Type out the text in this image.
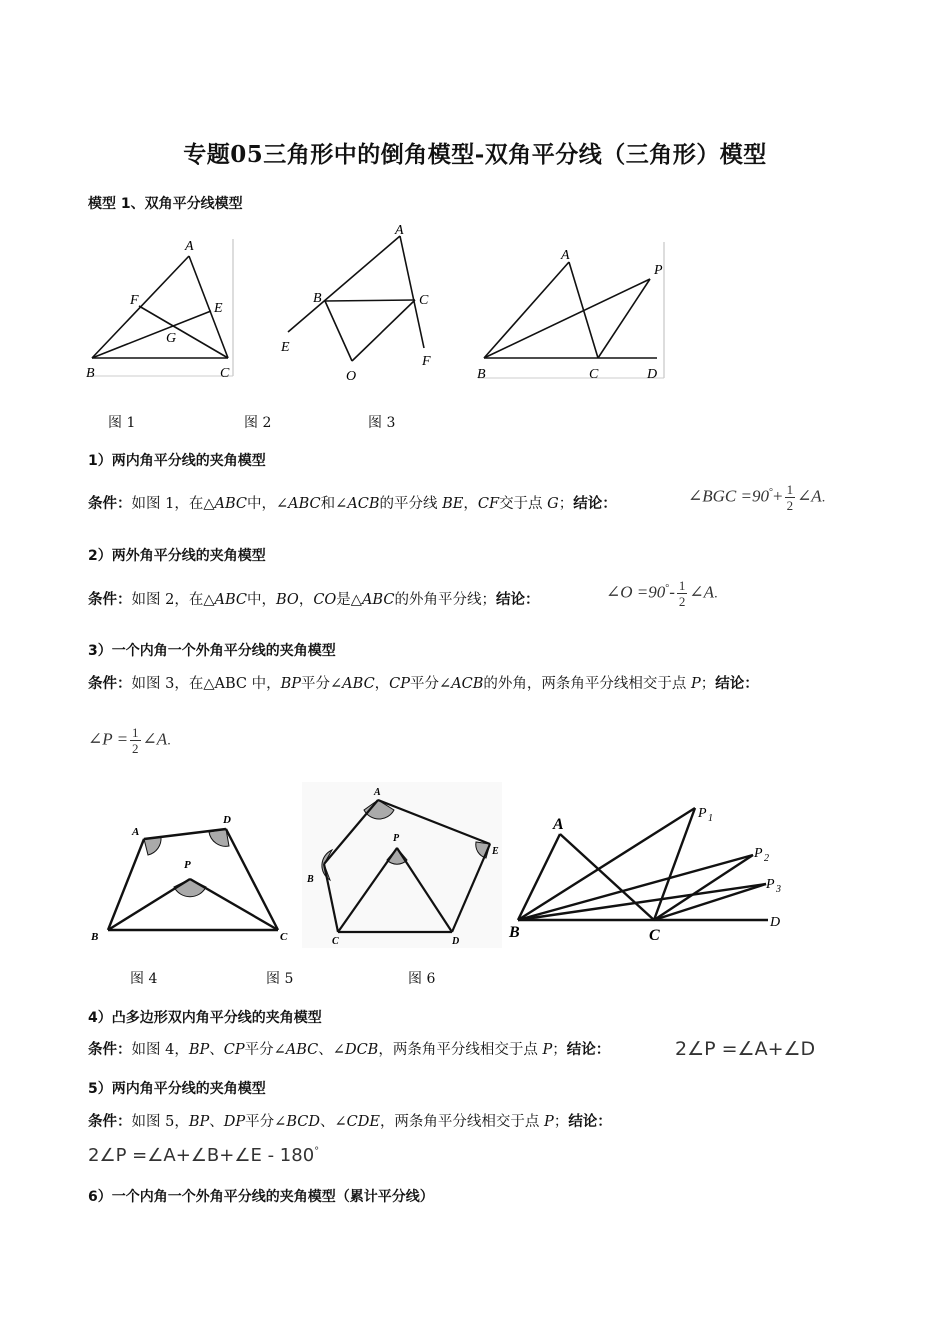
专题05三角形中的倒角模型-双角平分线（三角形）模型
模型 1、双角平分线模型
A
F
E
G
B	C
A
B	C
E
F
O
A
P
B	C	D
图 1	图 2	图 3
1）两内角平分线的夹角模型
条件：如图 1，在△ABC中，∠ABC和∠ACB的平分线 BE，CF交于点 G；结论：	∠BGC $=90^\circ+ \frac{1}{2}$ ∠A.
2）两外角平分线的夹角模型
条件：如图 2，在△ABC中，BO，CO是△ABC的外角平分线；结论：	∠O $=90^\circ- \frac{1}{2}$ ∠A.
3）一个内角一个外角平分线的夹角模型
条件：如图 3，在△ABC 中，BP平分∠ABC，CP平分∠ACB的外角，两条角平分线相交于点 P；结论：
∠P = $\frac{1}{2}$ ∠A.
A
D
P
B	C
A
B
C	D
E
P
A
B	C
D
P 1
P 2
P 3
图 4	图 5	图 6
4）凸多边形双内角平分线的夹角模型
条件：如图 4，BP、CP平分∠ABC、∠DCB，两条角平分线相交于点 P；结论：	2∠P =∠A+∠D
5）两内角平分线的夹角模型
条件：如图 5，BP、DP平分∠BCD、∠CDE，两条角平分线相交于点 P；结论：
2∠P =∠A+∠B+∠E - 180°
6）一个内角一个外角平分线的夹角模型（累计平分线）
